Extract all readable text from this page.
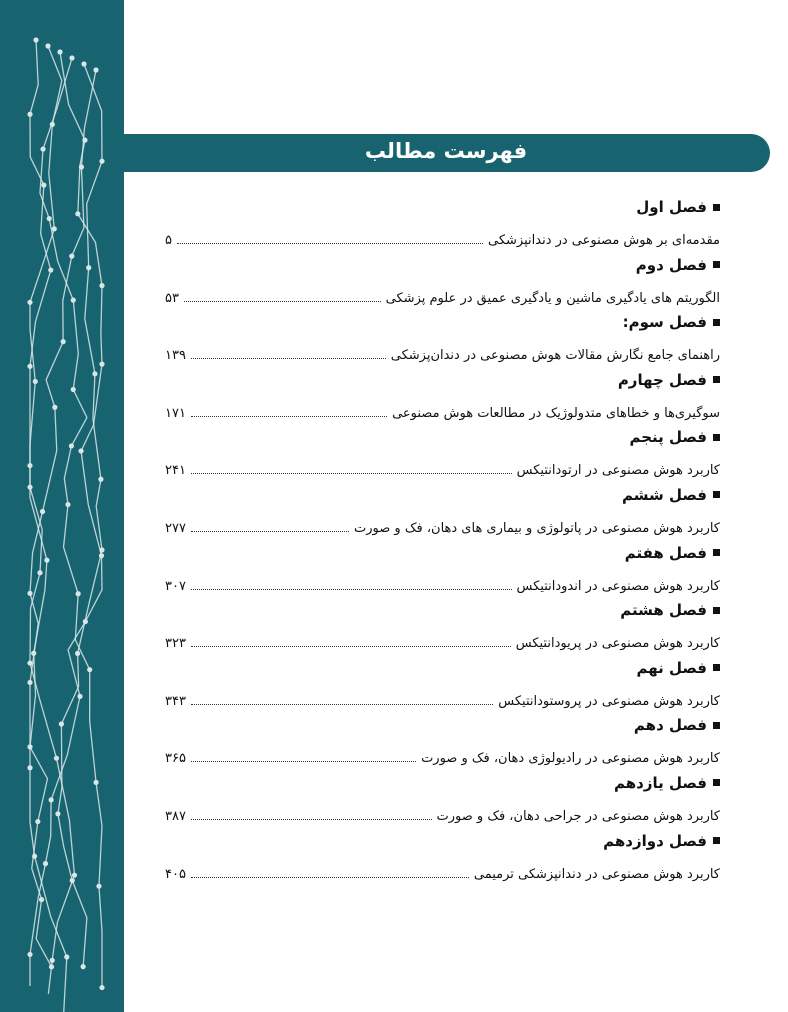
فهرست مطالب
فصل اول
مقدمه‌ای بر هوش مصنوعی در دندانپزشکی
۵
فصل دوم
الگوریتم های یادگیری ماشین و یادگیری عمیق در علوم پزشکی
۵۳
فصل سوم:
راهنمای جامع نگارش مقالات هوش مصنوعی در دندان‌پزشکی
۱۳۹
فصل چهارم
سوگیری‌ها و خطاهای متدولوژیک در مطالعات هوش مصنوعی
۱۷۱
فصل پنجم
کاربرد هوش مصنوعی در ارتودانتیکس
۲۴۱
فصل ششم
کاربرد هوش مصنوعی در پاتولوژی و بیماری های دهان، فک و صورت
۲۷۷
فصل هفتم
کاربرد هوش مصنوعی در اندودانتیکس
۳۰۷
فصل هشتم
کاربرد هوش مصنوعی در پریودانتیکس
۳۲۳
فصل نهم
کاربرد هوش مصنوعی در پروستودانتیکس
۳۴۳
فصل دهم
کاربرد هوش مصنوعی در رادیولوژی دهان، فک و صورت
۳۶۵
فصل یازدهم
کاربرد هوش مصنوعی در جراحی دهان، فک و صورت
۳۸۷
فصل دوازدهم
کاربرد هوش مصنوعی در دندانپزشکی ترمیمی
۴۰۵
